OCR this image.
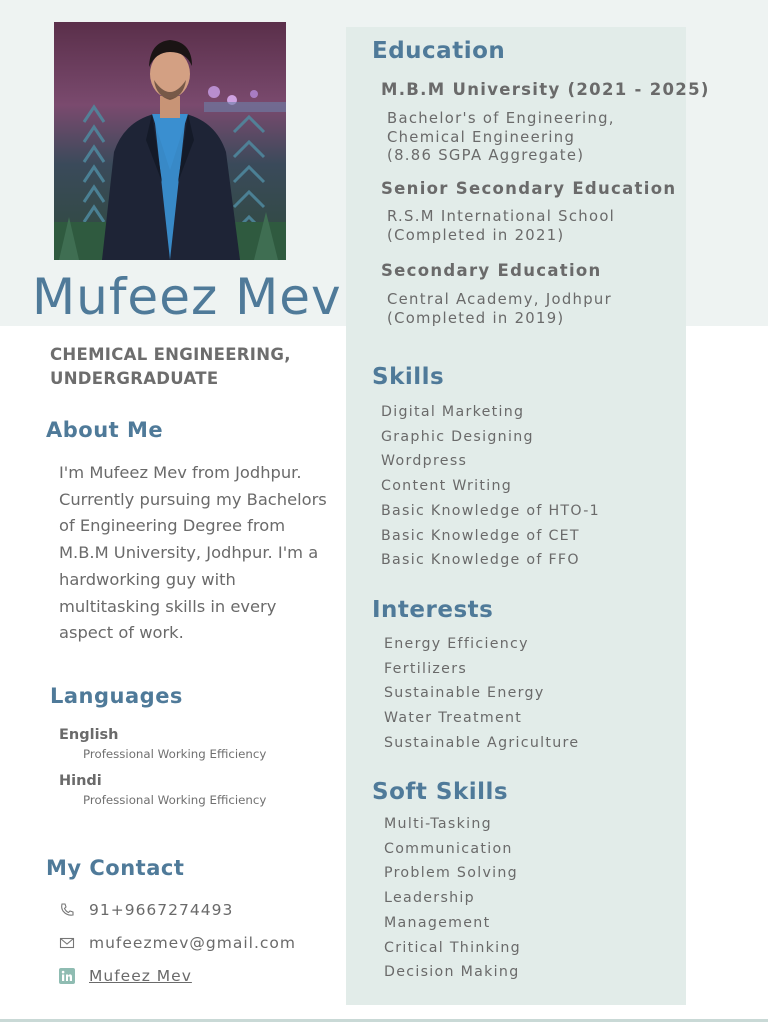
Mufeez Mev

CHEMICAL ENGINEERING, UNDERGRADUATE

About Me

I'm Mufeez Mev from Jodhpur. Currently pursuing my Bachelors of Engineering Degree from M.B.M University, Jodhpur. I'm a hardworking guy with multitasking skills in every aspect of work.

Languages
English
Professional Working Efficiency
Hindi
Professional Working Efficiency
My Contact
91+9667274493
mufeezmev@gmail.com
Mufeez Mev
Education

M.B.M University (2021 - 2025)

Bachelor's of Engineering,
Chemical Engineering
(8.86 SGPA Aggregate)

Senior Secondary Education

R.S.M International School
(Completed in 2021)

Secondary Education

Central Academy, Jodhpur
(Completed in 2019)

Skills
Digital Marketing
Graphic Designing
Wordpress
Content Writing
Basic Knowledge of HTO-1
Basic Knowledge of CET
Basic Knowledge of FFO
Interests
Energy Efficiency
Fertilizers
Sustainable Energy
Water Treatment
Sustainable Agriculture
Soft Skills
Multi-Tasking
Communication
Problem Solving
Leadership
Management
Critical Thinking
Decision Making
